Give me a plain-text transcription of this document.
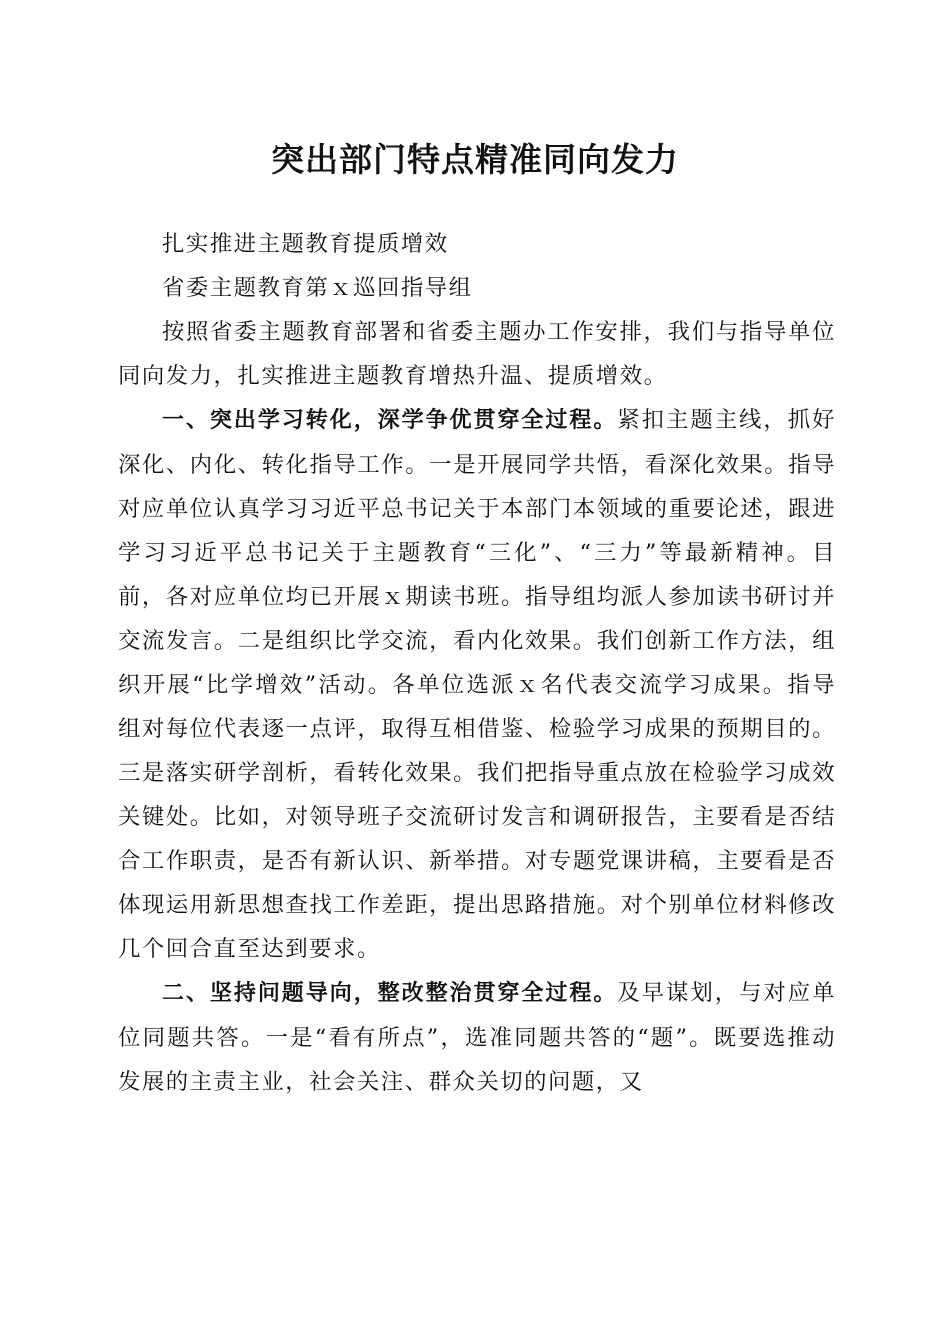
突出部门特点精准同向发力

扎实推进主题教育提质增效

省委主题教育第ｘ巡回指导组

按照省委主题教育部署和省委主题办工作安排，我们与指导单位同向发力，扎实推进主题教育增热升温、提质增效。

一、突出学习转化，深学争优贯穿全过程。紧扣主题主线，抓好深化、内化、转化指导工作。一是开展同学共悟，看深化效果。指导对应单位认真学习习近平总书记关于本部门本领域的重要论述，跟进学习习近平总书记关于主题教育“三化”、“三力”等最新精神。目前，各对应单位均已开展ｘ期读书班。指导组均派人参加读书研讨并交流发言。二是组织比学交流，看内化效果。我们创新工作方法，组织开展“比学增效”活动。各单位选派ｘ名代表交流学习成果。指导组对每位代表逐一点评，取得互相借鉴、检验学习成果的预期目的。三是落实研学剖析，看转化效果。我们把指导重点放在检验学习成效关键处。比如，对领导班子交流研讨发言和调研报告，主要看是否结合工作职责，是否有新认识、新举措。对专题党课讲稿，主要看是否体现运用新思想查找工作差距，提出思路措施。对个别单位材料修改几个回合直至达到要求。

二、坚持问题导向，整改整治贯穿全过程。及早谋划，与对应单位同题共答。一是“看有所点”，选准同题共答的“题”。既要选推动发展的主责主业，社会关注、群众关切的问题，又
